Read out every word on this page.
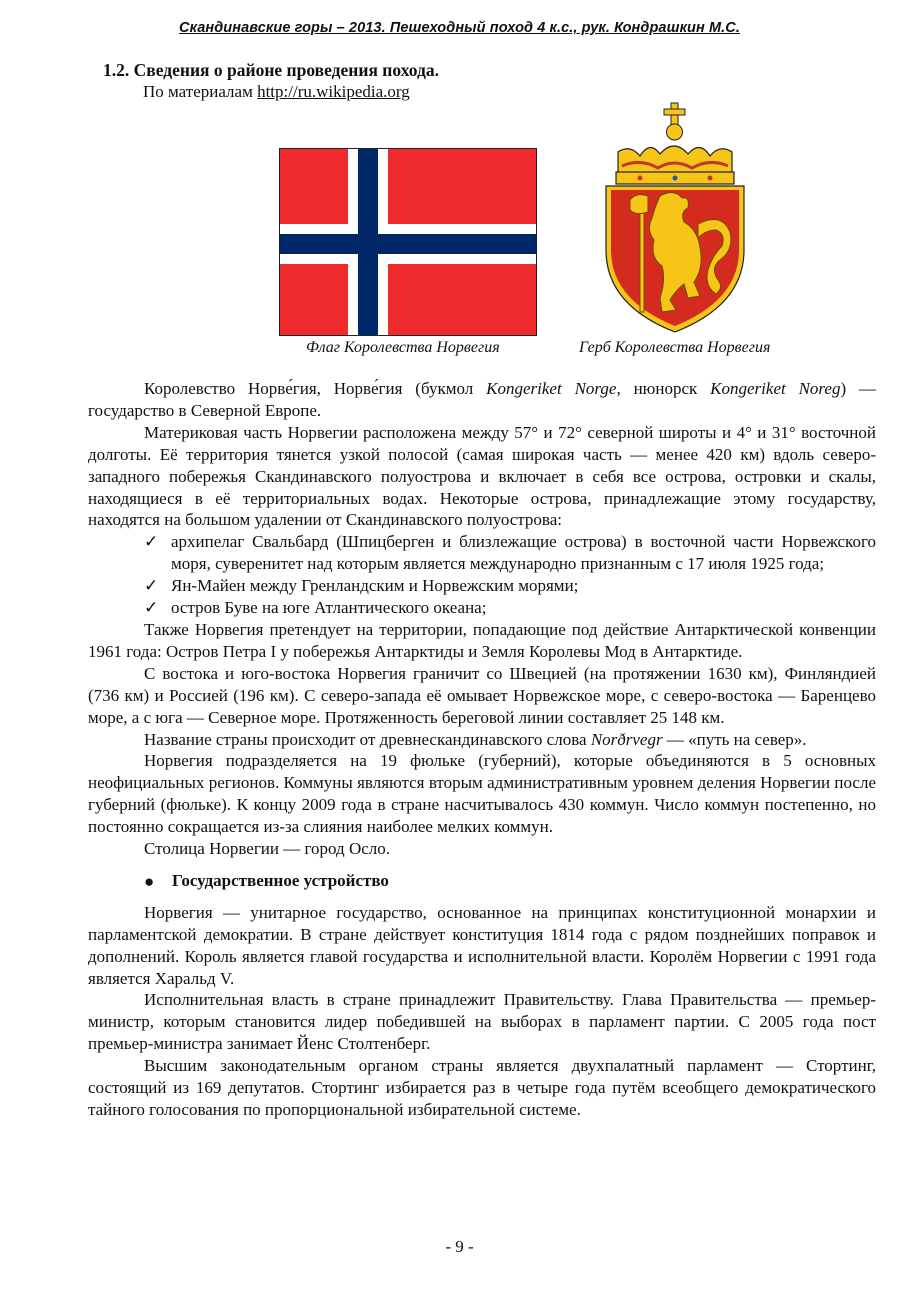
Скандинавские горы – 2013. Пешеходный поход 4 к.с., рук. Кондрашкин М.С.
1.2. Сведения о районе проведения похода.
По материалам http://ru.wikipedia.org
Флаг Королевства Норвегия	Герб Королевства Норвегия

Королевство Норве́гия, Норве́гия (букмол Kongeriket Norge, нюнорск Kongeriket Noreg) — государство в Северной Европе.

Материковая часть Норвегии расположена между 57° и 72° северной широты и 4° и 31° восточной долготы. Её территория тянется узкой полосой (самая широкая часть — менее 420 км) вдоль северо-западного побережья Скандинавского полуострова и включает в себя все острова, островки и скалы, находящиеся в её территориальных водах. Некоторые острова, принадлежащие этому государству, находятся на большом удалении от Скандинавского полуострова:

✓ архипелаг Свальбард (Шпицберген и близлежащие острова) в восточной части Норвежского моря, суверенитет над которым является международно признанным с 17 июля 1925 года;
✓ Ян-Майен между Гренландским и Норвежским морями;
✓ остров Буве на юге Атлантического океана;

Также Норвегия претендует на территории, попадающие под действие Антарктической конвенции 1961 года: Остров Петра I у побережья Антарктиды и Земля Королевы Мод в Антарктиде.

С востока и юго-востока Норвегия граничит со Швецией (на протяжении 1630 км), Финляндией (736 км) и Россией (196 км). С северо-запада её омывает Норвежское море, с северо-востока — Баренцево море, а с юга — Северное море. Протяженность береговой линии составляет 25 148 км.

Название страны происходит от древнескандинавского слова Norðrvegr — «путь на север».

Норвегия подразделяется на 19 фюльке (губерний), которые объединяются в 5 основных неофициальных регионов. Коммуны являются вторым административным уровнем деления Норвегии после губерний (фюльке). К концу 2009 года в стране насчитывалось 430 коммун. Число коммун постепенно, но постоянно сокращается из-за слияния наиболее мелких коммун.

Столица Норвегии — город Осло.

● Государственное устройство

Норвегия — унитарное государство, основанное на принципах конституционной монархии и парламентской демократии. В стране действует конституция 1814 года с рядом позднейших поправок и дополнений. Король является главой государства и исполнительной власти. Королём Норвегии с 1991 года является Харальд V.

Исполнительная власть в стране принадлежит Правительству. Глава Правительства — премьер-министр, которым становится лидер победившей на выборах в парламент партии. С 2005 года пост премьер-министра занимает Йенс Столтенберг.

Высшим законодательным органом страны является двухпалатный парламент — Стортинг, состоящий из 169 депутатов. Стортинг избирается раз в четыре года путём всеобщего демократического тайного голосования по пропорциональной избирательной системе.

- 9 -
